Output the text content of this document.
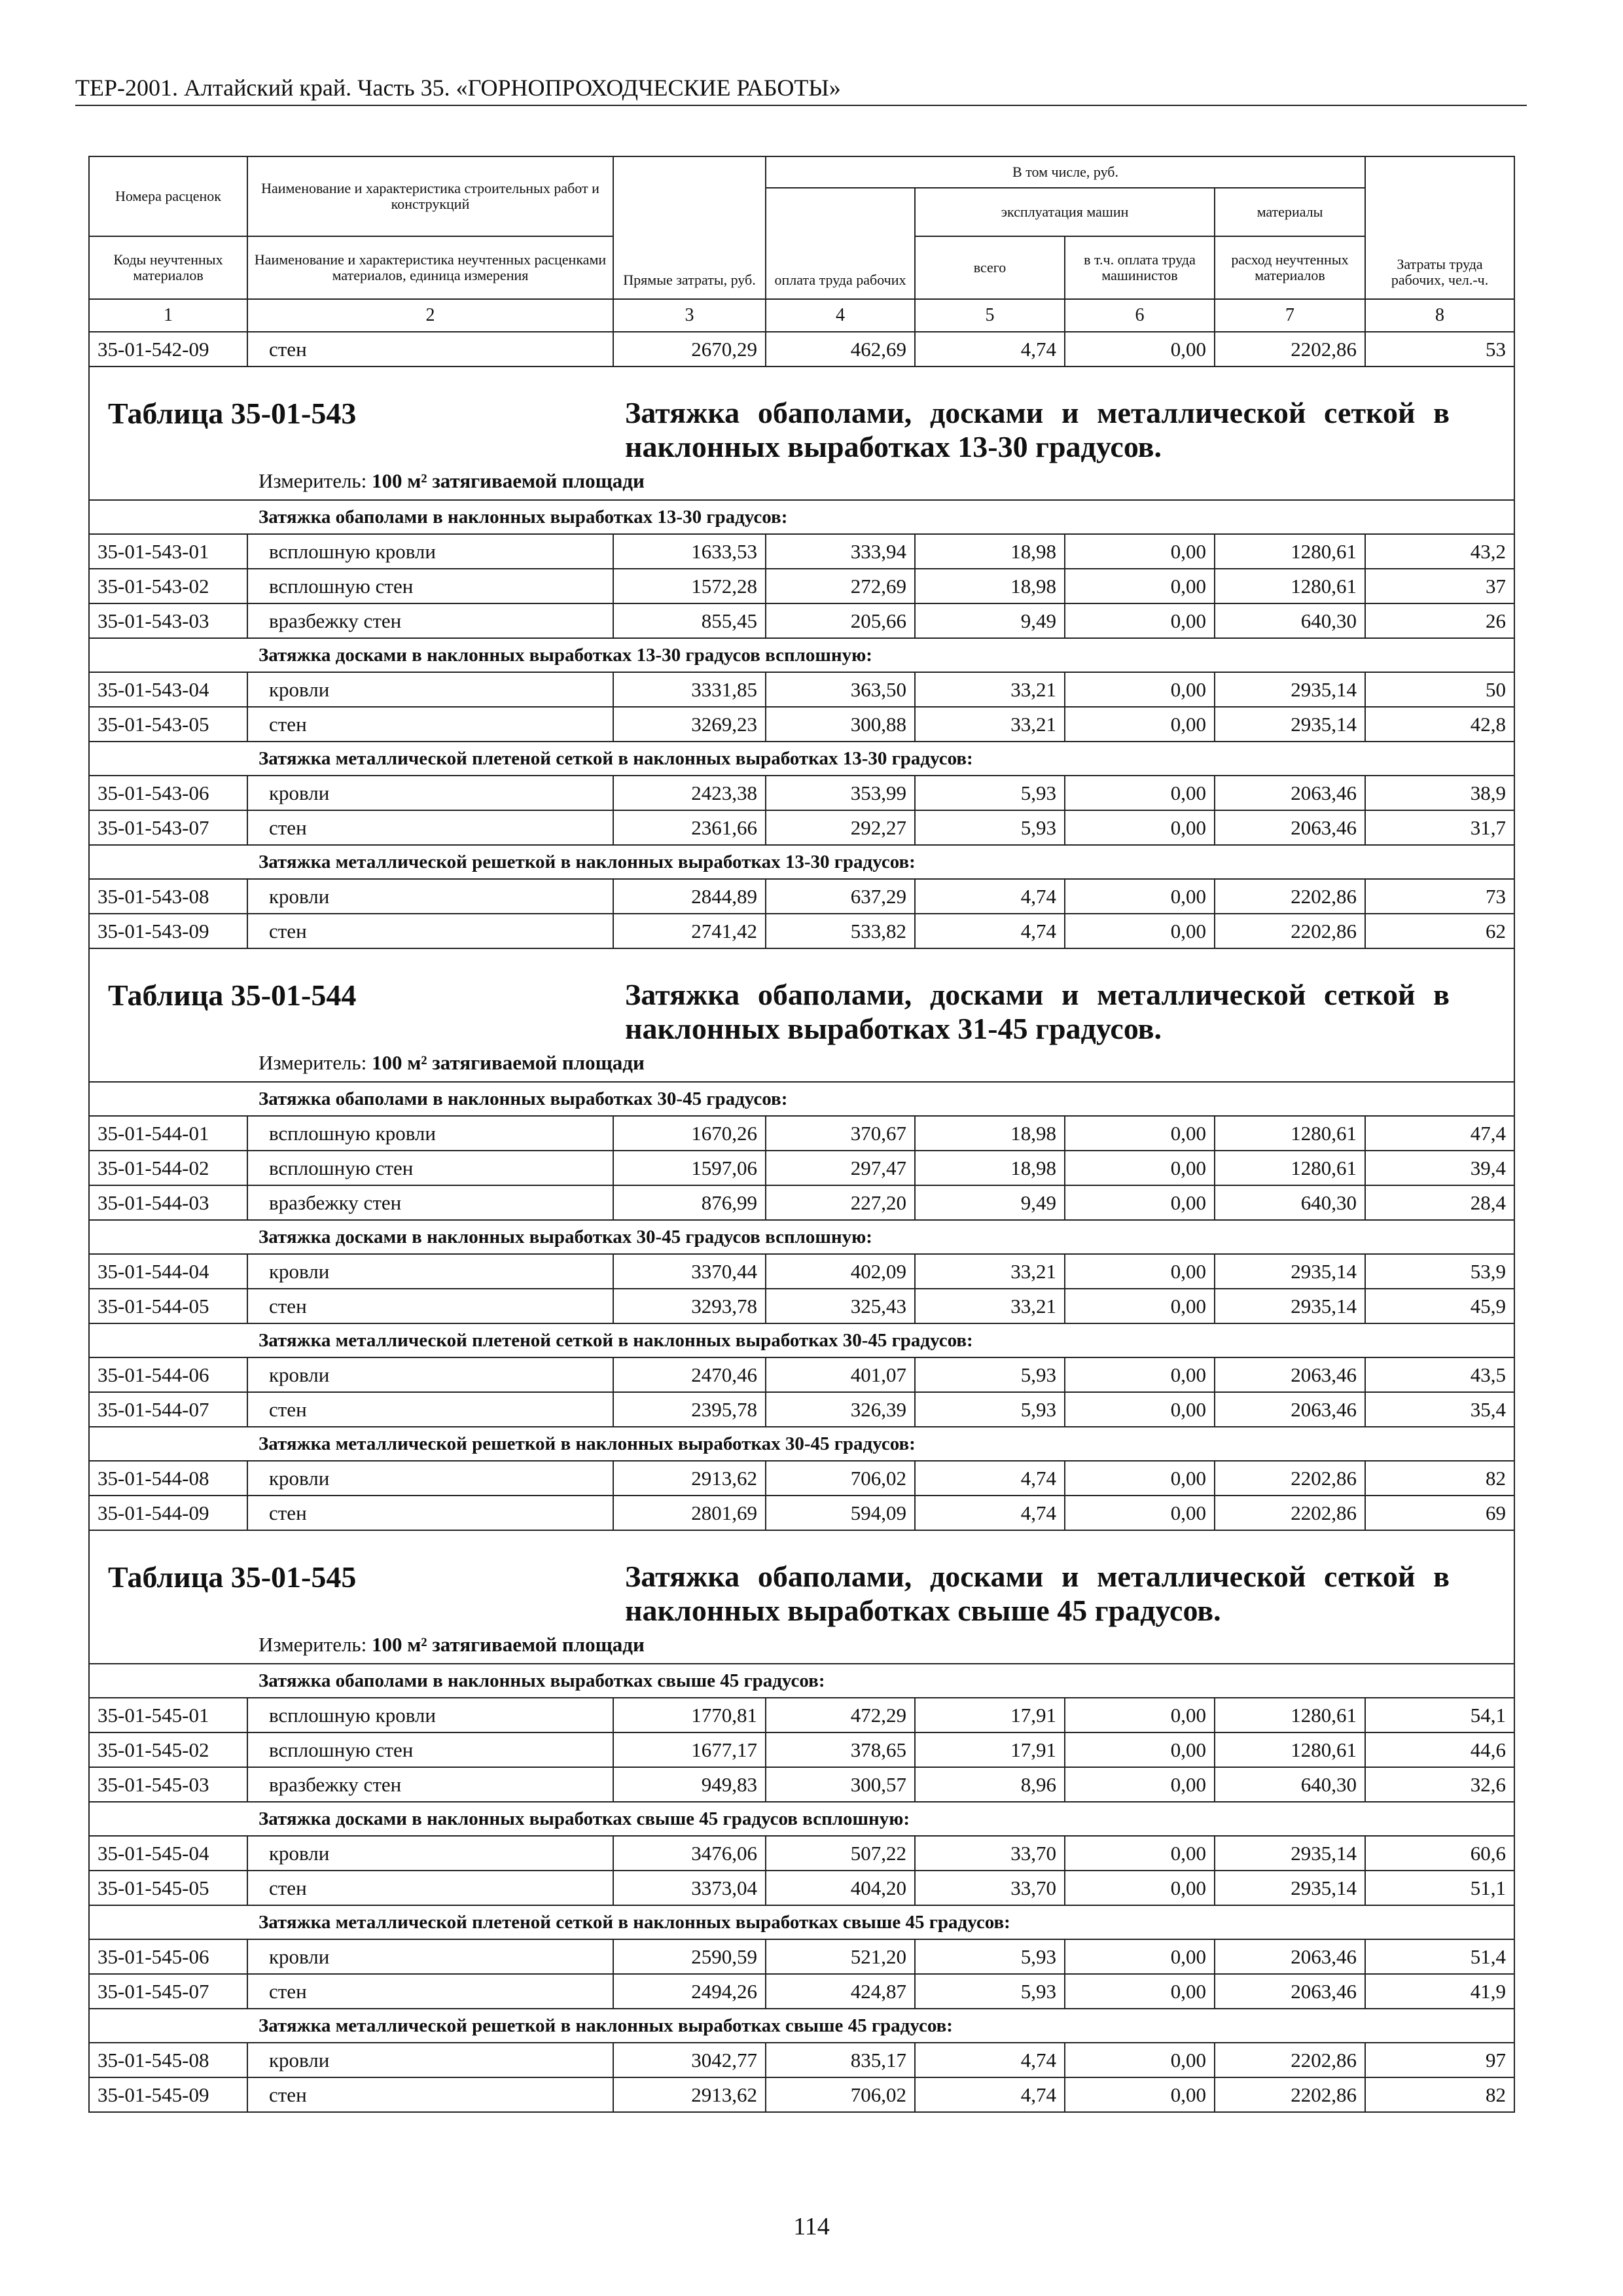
ТЕР-2001. Алтайский край. Часть 35. «ГОРНОПРОХОДЧЕСКИЕ РАБОТЫ»
Номера расценок	Наименование и характеристика строительных работ и конструкций	Прямые затраты, руб.	В том числе, руб.				Затраты труда рабочих, чел.-ч.
			оплата труда рабочих	эксплуатация машин		материалы	
Коды неучтенных материалов	Наименование и характеристика неучтенных расценками материалов, единица измерения			всего	в т.ч. оплата труда машинистов	расход неучтенных материалов	
1	2	3	4	5	6	7	8
35-01-542-09	стен	2670,29	462,69	4,74	0,00	2202,86	53

Таблица 35-01-543 Затяжка обаполами, досками и металлической сеткой в наклонных выработках 13-30 градусов.
Измеритель: 100 м² затягиваемой площади							

Затяжка обаполами в наклонных выработках 13-30 градусов:							
35-01-543-01	всплошную кровли	1633,53	333,94	18,98	0,00	1280,61	43,2
35-01-543-02	всплошную стен	1572,28	272,69	18,98	0,00	1280,61	37
35-01-543-03	вразбежку стен	855,45	205,66	9,49	0,00	640,30	26
Затяжка досками в наклонных выработках 13-30 градусов всплошную:							
35-01-543-04	кровли	3331,85	363,50	33,21	0,00	2935,14	50
35-01-543-05	стен	3269,23	300,88	33,21	0,00	2935,14	42,8
Затяжка металлической плетеной сеткой в наклонных выработках 13-30 градусов:							
35-01-543-06	кровли	2423,38	353,99	5,93	0,00	2063,46	38,9
35-01-543-07	стен	2361,66	292,27	5,93	0,00	2063,46	31,7
Затяжка металлической решеткой в наклонных выработках 13-30 градусов:							
35-01-543-08	кровли	2844,89	637,29	4,74	0,00	2202,86	73
35-01-543-09	стен	2741,42	533,82	4,74	0,00	2202,86	62

Таблица 35-01-544 Затяжка обаполами, досками и металлической сеткой в наклонных выработках 31-45 градусов.
Измеритель: 100 м² затягиваемой площади							

Затяжка обаполами в наклонных выработках 30-45 градусов:							
35-01-544-01	всплошную кровли	1670,26	370,67	18,98	0,00	1280,61	47,4
35-01-544-02	всплошную стен	1597,06	297,47	18,98	0,00	1280,61	39,4
35-01-544-03	вразбежку стен	876,99	227,20	9,49	0,00	640,30	28,4
Затяжка досками в наклонных выработках 30-45 градусов всплошную:							
35-01-544-04	кровли	3370,44	402,09	33,21	0,00	2935,14	53,9
35-01-544-05	стен	3293,78	325,43	33,21	0,00	2935,14	45,9
Затяжка металлической плетеной сеткой в наклонных выработках 30-45 градусов:							
35-01-544-06	кровли	2470,46	401,07	5,93	0,00	2063,46	43,5
35-01-544-07	стен	2395,78	326,39	5,93	0,00	2063,46	35,4
Затяжка металлической решеткой в наклонных выработках 30-45 градусов:							
35-01-544-08	кровли	2913,62	706,02	4,74	0,00	2202,86	82
35-01-544-09	стен	2801,69	594,09	4,74	0,00	2202,86	69

Таблица 35-01-545 Затяжка обаполами, досками и металлической сеткой в наклонных выработках свыше 45 градусов.
Измеритель: 100 м² затягиваемой площади							

Затяжка обаполами в наклонных выработках свыше 45 градусов:							
35-01-545-01	всплошную кровли	1770,81	472,29	17,91	0,00	1280,61	54,1
35-01-545-02	всплошную стен	1677,17	378,65	17,91	0,00	1280,61	44,6
35-01-545-03	вразбежку стен	949,83	300,57	8,96	0,00	640,30	32,6
Затяжка досками в наклонных выработках свыше 45 градусов всплошную:							
35-01-545-04	кровли	3476,06	507,22	33,70	0,00	2935,14	60,6
35-01-545-05	стен	3373,04	404,20	33,70	0,00	2935,14	51,1
Затяжка металлической плетеной сеткой в наклонных выработках свыше 45 градусов:							
35-01-545-06	кровли	2590,59	521,20	5,93	0,00	2063,46	51,4
35-01-545-07	стен	2494,26	424,87	5,93	0,00	2063,46	41,9
Затяжка металлической решеткой в наклонных выработках свыше 45 градусов:							
35-01-545-08	кровли	3042,77	835,17	4,74	0,00	2202,86	97
35-01-545-09	стен	2913,62	706,02	4,74	0,00	2202,86	82
114
